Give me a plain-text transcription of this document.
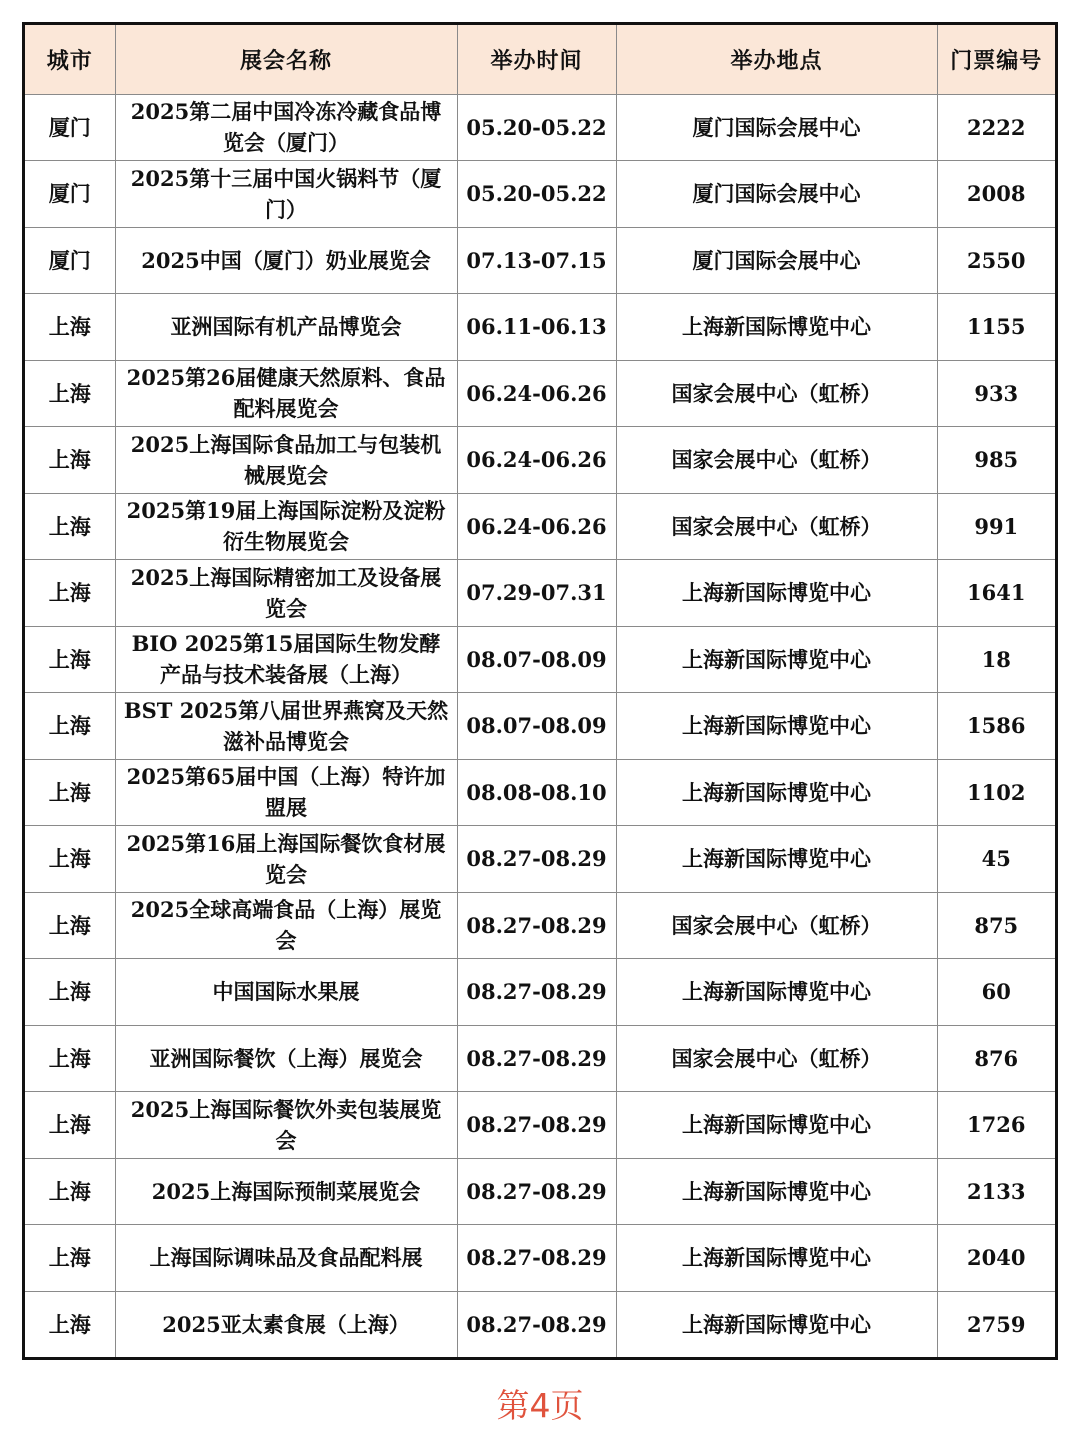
城市	展会名称	举办时间	举办地点	门票编号
厦门	2025第二届中国冷冻冷藏食品博览会（厦门）	05.20-05.22	厦门国际会展中心	2222
厦门	2025第十三届中国火锅料节（厦门）	05.20-05.22	厦门国际会展中心	2008
厦门	2025中国（厦门）奶业展览会	07.13-07.15	厦门国际会展中心	2550
上海	亚洲国际有机产品博览会	06.11-06.13	上海新国际博览中心	1155
上海	2025第26届健康天然原料、食品配料展览会	06.24-06.26	国家会展中心（虹桥）	933
上海	2025上海国际食品加工与包装机械展览会	06.24-06.26	国家会展中心（虹桥）	985
上海	2025第19届上海国际淀粉及淀粉衍生物展览会	06.24-06.26	国家会展中心（虹桥）	991
上海	2025上海国际精密加工及设备展览会	07.29-07.31	上海新国际博览中心	1641
上海	BIO 2025第15届国际生物发酵产品与技术装备展（上海）	08.07-08.09	上海新国际博览中心	18
上海	BST 2025第八届世界燕窝及天然滋补品博览会	08.07-08.09	上海新国际博览中心	1586
上海	2025第65届中国（上海）特许加盟展	08.08-08.10	上海新国际博览中心	1102
上海	2025第16届上海国际餐饮食材展览会	08.27-08.29	上海新国际博览中心	45
上海	2025全球高端食品（上海）展览会	08.27-08.29	国家会展中心（虹桥）	875
上海	中国国际水果展	08.27-08.29	上海新国际博览中心	60
上海	亚洲国际餐饮（上海）展览会	08.27-08.29	国家会展中心（虹桥）	876
上海	2025上海国际餐饮外卖包装展览会	08.27-08.29	上海新国际博览中心	1726
上海	2025上海国际预制菜展览会	08.27-08.29	上海新国际博览中心	2133
上海	上海国际调味品及食品配料展	08.27-08.29	上海新国际博览中心	2040
上海	2025亚太素食展（上海）	08.27-08.29	上海新国际博览中心	2759
第4页
